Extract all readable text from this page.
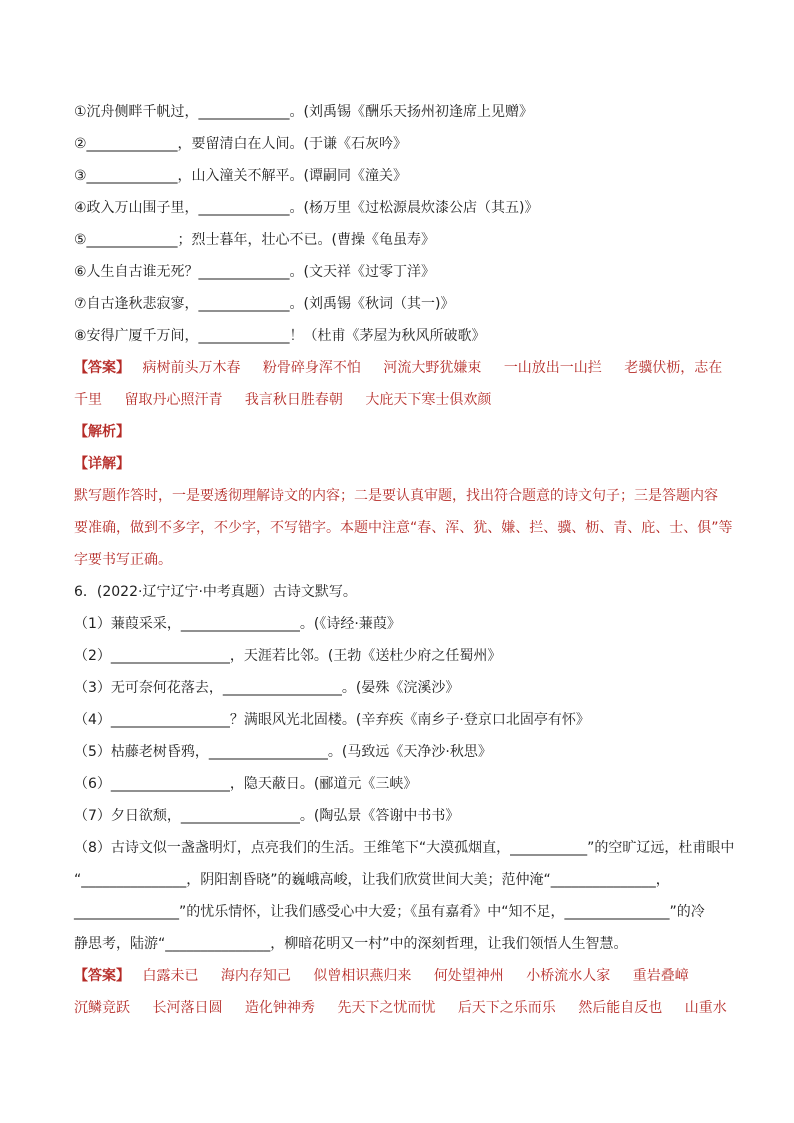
①沉舟侧畔千帆过，_____________。(刘禹锡《酬乐天扬州初逢席上见赠》
②_____________，要留清白在人间。(于谦《石灰吟》
③_____________，山入潼关不解平。(谭嗣同《潼关》
④政入万山围子里，_____________。(杨万里《过松源晨炊漆公店（其五)》
⑤_____________；烈士暮年，壮心不已。(曹操《龟虽寿》
⑥人生自古谁无死？_____________。(文天祥《过零丁洋》
⑦自古逢秋悲寂寥，_____________。(刘禹锡《秋词（其一)》
⑧安得广厦千万间，_____________！（杜甫《茅屋为秋风所破歌》
【答案】 病树前头万木春 粉骨碎身浑不怕 河流大野犹嫌束 一山放出一山拦 老骥伏枥，志在
千里 留取丹心照汗青 我言秋日胜春朝 大庇天下寒士俱欢颜
【解析】
【详解】
默写题作答时，一是要透彻理解诗文的内容；二是要认真审题，找出符合题意的诗文句子；三是答题内容
要准确，做到不多字，不少字，不写错字。本题中注意“春、浑、犹、嫌、拦、骥、枥、青、庇、士、俱”等
字要书写正确。
6．(2022·辽宁辽宁·中考真题）古诗文默写。
（1）蒹葭采采，_________________。(《诗经·蒹葭》
（2）_________________，天涯若比邻。(王勃《送杜少府之任蜀州》
（3）无可奈何花落去，_________________。(晏殊《浣溪沙》
（4）_________________？满眼风光北固楼。(辛弃疾《南乡子·登京口北固亭有怀》
（5）枯藤老树昏鸦，_________________。(马致远《天净沙·秋思》
（6）_________________，隐天蔽日。(郦道元《三峡》
（7）夕日欲颓，_________________。(陶弘景《答谢中书书》
（8）古诗文似一盏盏明灯，点亮我们的生活。王维笔下“大漠孤烟直，___________”的空旷辽远，杜甫眼中
“_______________，阴阳割昏晓”的巍峨高峻，让我们欣赏世间大美；范仲淹“_______________，
_______________”的忧乐情怀，让我们感受心中大爱；《虽有嘉肴》中“知不足，_______________”的冷
静思考，陆游“_______________，柳暗花明又一村”中的深刻哲理，让我们领悟人生智慧。
【答案】 白露未已 海内存知己 似曾相识燕归来 何处望神州 小桥流水人家 重岩叠嶂
沉鳞竞跃 长河落日圆 造化钟神秀 先天下之忧而忧 后天下之乐而乐 然后能自反也 山重水
